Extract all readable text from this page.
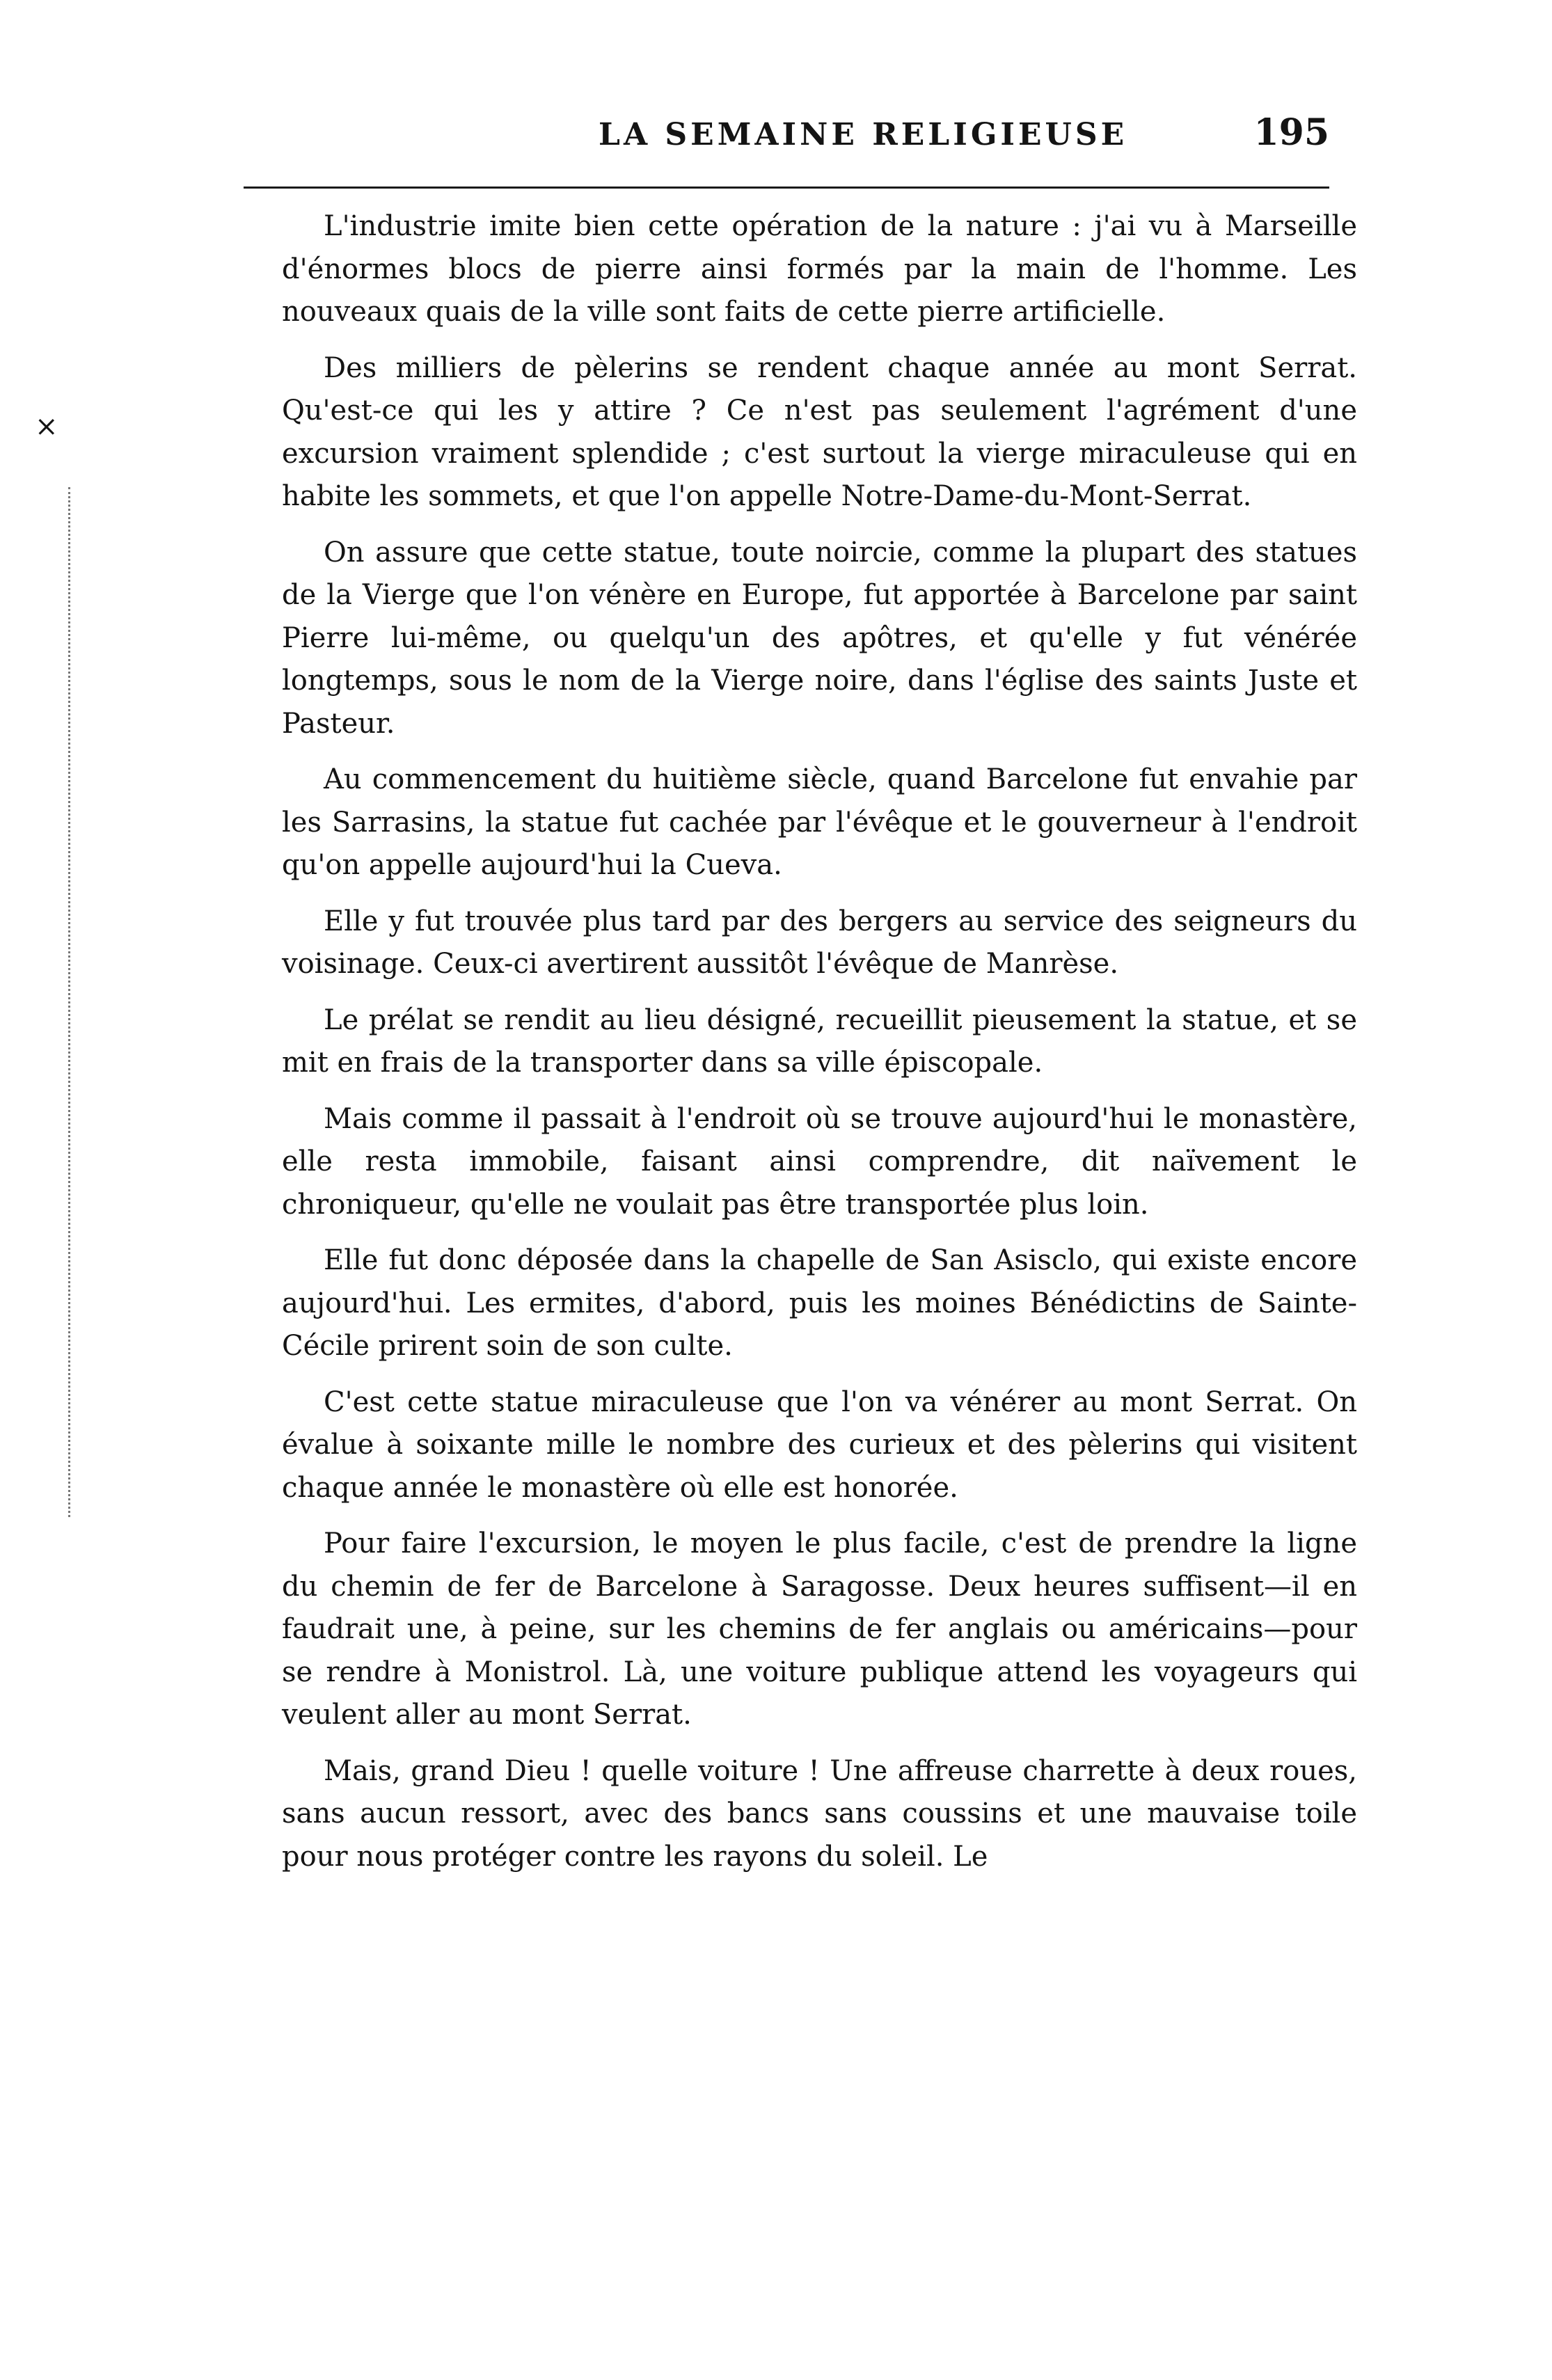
LA SEMAINE RELIGIEUSE	195
×

L'industrie imite bien cette opération de la nature : j'ai vu à Marseille d'énormes blocs de pierre ainsi formés par la main de l'homme. Les nouveaux quais de la ville sont faits de cette pierre artificielle.

Des milliers de pèlerins se rendent chaque année au mont Serrat. Qu'est-ce qui les y attire ? Ce n'est pas seulement l'agrément d'une excursion vraiment splendide ; c'est surtout la vierge miraculeuse qui en habite les sommets, et que l'on appelle Notre-Dame-du-Mont-Serrat.

On assure que cette statue, toute noircie, comme la plupart des statues de la Vierge que l'on vénère en Europe, fut apportée à Barcelone par saint Pierre lui-même, ou quelqu'un des apôtres, et qu'elle y fut vénérée longtemps, sous le nom de la Vierge noire, dans l'église des saints Juste et Pasteur.

Au commencement du huitième siècle, quand Barcelone fut envahie par les Sarrasins, la statue fut cachée par l'évêque et le gouverneur à l'endroit qu'on appelle aujourd'hui la Cueva.

Elle y fut trouvée plus tard par des bergers au service des seigneurs du voisinage. Ceux-ci avertirent aussitôt l'évêque de Manrèse.

Le prélat se rendit au lieu désigné, recueillit pieusement la statue, et se mit en frais de la transporter dans sa ville épiscopale.

Mais comme il passait à l'endroit où se trouve aujourd'hui le monastère, elle resta immobile, faisant ainsi comprendre, dit naïvement le chroniqueur, qu'elle ne voulait pas être transportée plus loin.

Elle fut donc déposée dans la chapelle de San Asisclo, qui existe encore aujourd'hui. Les ermites, d'abord, puis les moines Bénédictins de Sainte-Cécile prirent soin de son culte.

C'est cette statue miraculeuse que l'on va vénérer au mont Serrat. On évalue à soixante mille le nombre des curieux et des pèlerins qui visitent chaque année le monastère où elle est honorée.

Pour faire l'excursion, le moyen le plus facile, c'est de prendre la ligne du chemin de fer de Barcelone à Saragosse. Deux heures suffisent—il en faudrait une, à peine, sur les chemins de fer anglais ou américains—pour se rendre à Monistrol. Là, une voiture publique attend les voyageurs qui veulent aller au mont Serrat.

Mais, grand Dieu ! quelle voiture ! Une affreuse charrette à deux roues, sans aucun ressort, avec des bancs sans coussins et une mauvaise toile pour nous protéger contre les rayons du soleil. Le
